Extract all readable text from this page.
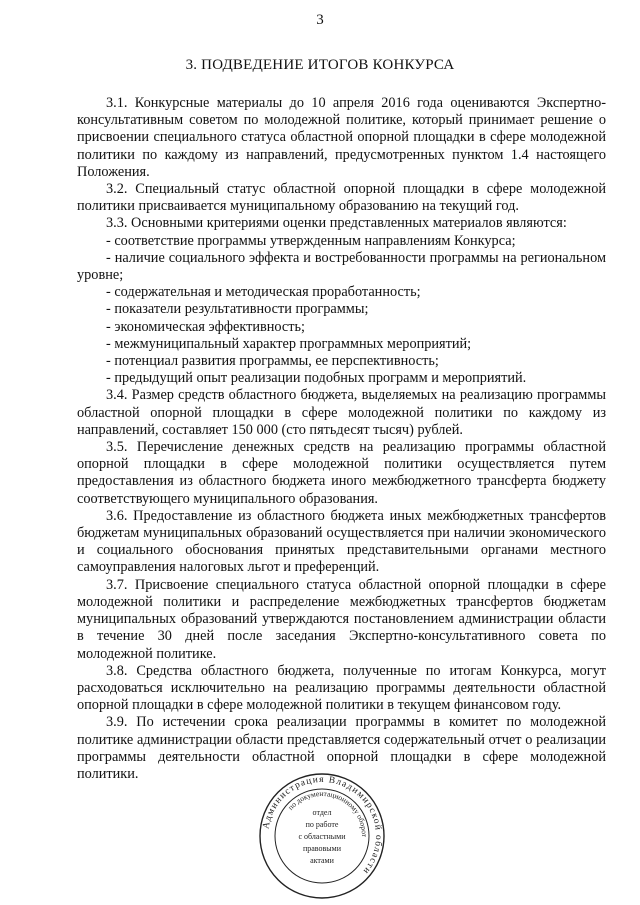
3
3. ПОДВЕДЕНИЕ ИТОГОВ КОНКУРСА

3.1. Конкурсные материалы до 10 апреля 2016 года оцениваются Экспертно-консультативным советом по молодежной политике, который принимает решение о присвоении специального статуса областной опорной площадки в сфере молодежной политики по каждому из направлений, предусмотренных пунктом 1.4 настоящего Положения.

3.2. Специальный статус областной опорной площадки в сфере молодежной политики присваивается муниципальному образованию на текущий год.

3.3. Основными критериями оценки представленных материалов являются:

- соответствие программы утвержденным направлениям Конкурса;

- наличие социального эффекта и востребованности программы на региональном уровне;

- содержательная и методическая проработанность;

- показатели результативности программы;

- экономическая эффективность;

- межмуниципальный характер программных мероприятий;

- потенциал развития программы, ее перспективность;

- предыдущий опыт реализации подобных программ и мероприятий.

3.4. Размер средств областного бюджета, выделяемых на реализацию программы областной опорной площадки в сфере молодежной политики по каждому из направлений, составляет 150 000 (сто пятьдесят тысяч) рублей.

3.5. Перечисление денежных средств на реализацию программы областной опорной площадки в сфере молодежной политики осуществляется путем предоставления из областного бюджета иного межбюджетного трансферта бюджету соответствующего муниципального образования.

3.6. Предоставление из областного бюджета иных межбюджетных трансфертов бюджетам муниципальных образований осуществляется при наличии экономического и социального обоснования принятых представительными органами местного самоуправления налоговых льгот и преференций.

3.7. Присвоение специального статуса областной опорной площадки в сфере молодежной политики и распределение межбюджетных трансфертов бюджетам муниципальных образований утверждаются постановлением администрации области в течение 30 дней после заседания Экспертно-консультативного совета по молодежной политике.

3.8. Средства областного бюджета, полученные по итогам Конкурса, могут расходоваться исключительно на реализацию программы деятельности областной опорной площадки в сфере молодежной политики в текущем финансовом году.

3.9. По истечении срока реализации программы в комитет по молодежной политике администрации области представляется содержательный отчет о реализации программы деятельности областной опорной площадки в сфере молодежной политики.

Администрация Владимирской области
по документационному оборот
отдел
по работе
с областными
правовыми
актами
